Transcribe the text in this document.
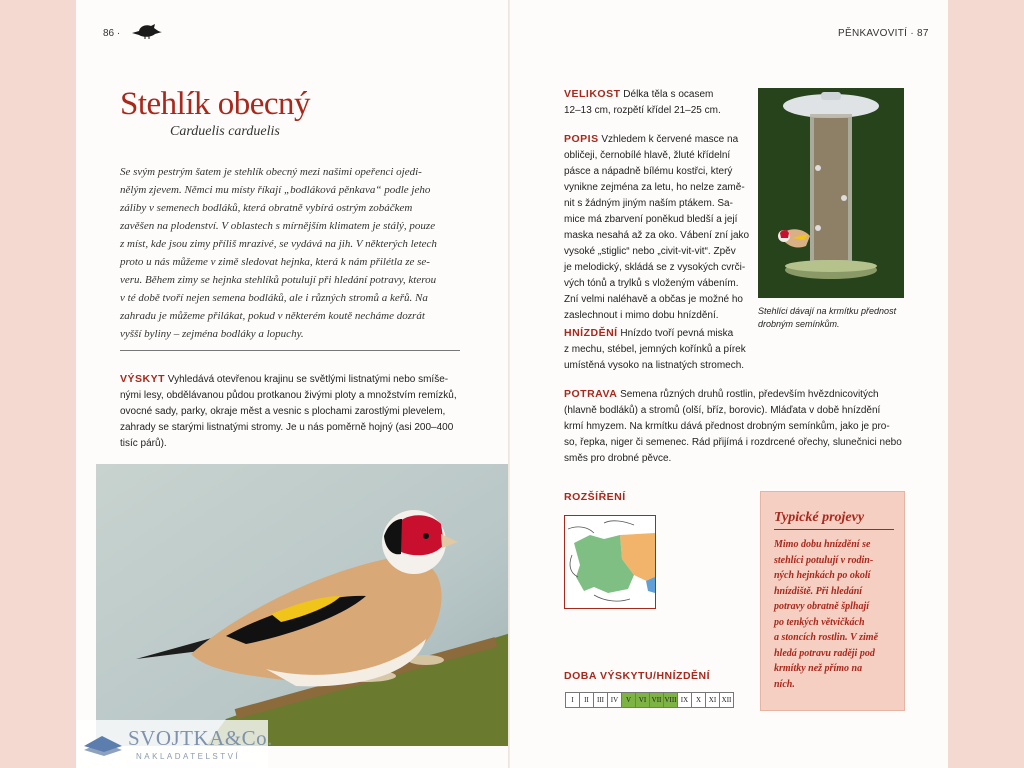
86 ·
Stehlík obecný
Carduelis carduelis
Se svým pestrým šatem je stehlík obecný mezi našimi opeřenci ojedi-
nělým zjevem. Němci mu místy říkají „bodláková pěnkava“ podle jeho
záliby v semenech bodláků, která obratně vybírá ostrým zobáčkem
zavěšen na plodenství. V oblastech s mírnějším klimatem je stálý, pouze
z míst, kde jsou zimy příliš mrazivé, se vydává na jih. V některých letech
proto u nás můžeme v zimě sledovat hejnka, která k nám přilétla ze se-
veru. Během zimy se hejnka stehlíků potulují při hledání potravy, kterou
v té době tvoří nejen semena bodláků, ale i různých stromů a keřů. Na
zahradu je můžeme přilákat, pokud v některém koutě necháme dozrát
vyšší byliny – zejména bodláky a lopuchy.
VÝSKYT Vyhledává otevřenou krajinu se světlými listnatými nebo smíše-
nými lesy, obdělávanou půdou protkanou živými ploty a množstvím remízků,
ovocné sady, parky, okraje měst a vesnic s plochami zarostlými plevelem,
zahrady se starými listnatými stromy. Je u nás poměrně hojný (asi 200–400
tisíc párů).
PĚNKAVOVITÍ · 87
VELIKOST Délka těla s ocasem
12–13 cm, rozpětí křídel 21–25 cm.
POPIS Vzhledem k červené masce na
obličeji, černobílé hlavě, žluté křídelní
pásce a nápadně bílému kostřci, který
vynikne zejména za letu, ho nelze zamě-
nit s žádným jiným naším ptákem. Sa-
mice má zbarvení poněkud bledší a její
maska nesahá až za oko. Vábení zní jako
vysoké „stiglic“ nebo „civit-vit-vit“. Zpěv
je melodický, skládá se z vysokých cvrči-
vých tónů a trylků s vloženým vábením.
Zní velmi naléhavě a občas je možné ho
zaslechnout i mimo dobu hnízdění.	Stehlíci dávají na krmítku přednost
drobným semínkům.
HNÍZDĚNÍ Hnízdo tvoří pevná miska
z mechu, stébel, jemných kořínků a pírek
umístěná vysoko na listnatých stromech.
POTRAVA Semena různých druhů rostlin, především hvězdnicovitých
(hlavně bodláků) a stromů (olší, bříz, borovic). Mláďata v době hnízdění
krmí hmyzem. Na krmítku dává přednost drobným semínkům, jako je pro-
so, řepka, niger či semenec. Rád přijímá i rozdrcené ořechy, slunečnici nebo
směs pro drobné pěvce.
ROZŠÍŘENÍ
DOBA VÝSKYTU/HNÍZDĚNÍ
I	II	III IV	V	VI VII VIII IX	X	XI XII
Typické projevy
Mimo dobu hnízdění se
stehlíci potulují v rodin-
ných hejnkách po okolí
hnízdiště. Při hledání
potravy obratně šplhají
po tenkých větvičkách
a stoncích rostlin. V zimě
hledá potravu raději pod
krmítky než přímo na
ních.
SVOJTKA&Co.
NAKLADATELSTVÍ
